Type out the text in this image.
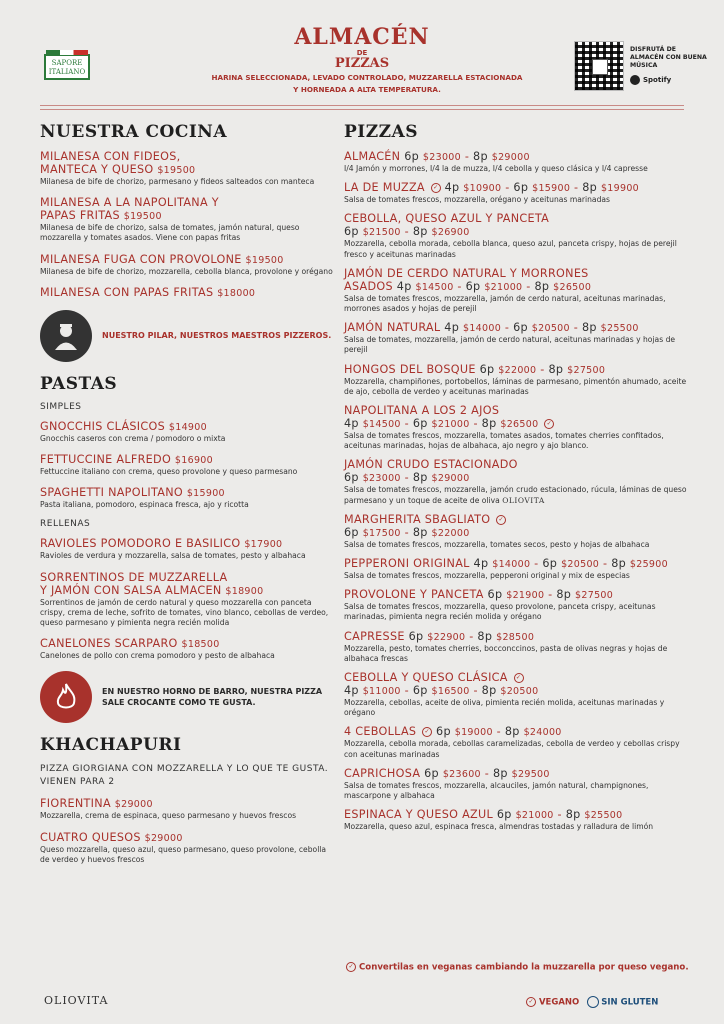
SAPORE ITALIANO
ALMACÉN
DE
PIZZAS
HARINA SELECCIONADA, LEVADO CONTROLADO, MUZZARELLA ESTACIONADA
Y HORNEADA A ALTA TEMPERATURA.
DISFRUTÁ DE ALMACÉN CON BUENA MÚSICA
Spotify
NUESTRA COCINA
MILANESA CON FIDEOS,
MANTECA Y QUESO $19500
Milanesa de bife de chorizo, parmesano y fideos salteados con manteca
MILANESA A LA NAPOLITANA Y
PAPAS FRITAS $19500
Milanesa de bife de chorizo, salsa de tomates, jamón natural, queso mozzarella y tomates asados. Viene con papas fritas
MILANESA FUGA CON PROVOLONE $19500
Milanesa de bife de chorizo, mozzarella, cebolla blanca, provolone y orégano
MILANESA CON PAPAS FRITAS $18000
NUESTRO PILAR, NUESTROS MAESTROS PIZZEROS.
PASTAS
SIMPLES
GNOCCHIS CLÁSICOS $14900
Gnocchis caseros con crema / pomodoro o mixta
FETTUCCINE ALFREDO $16900
Fettuccine italiano con crema, queso provolone y queso parmesano
SPAGHETTI NAPOLITANO $15900
Pasta italiana, pomodoro, espinaca fresca, ajo y ricotta
RELLENAS
RAVIOLES POMODORO E BASILICO $17900
Ravioles de verdura y mozzarella, salsa de tomates, pesto y albahaca
SORRENTINOS DE MUZZARELLA
Y JAMÓN CON SALSA ALMACEN $18900
Sorrentinos de jamón de cerdo natural y queso mozzarella con panceta crispy, crema de leche, sofrito de tomates, vino blanco, cebollas de verdeo, queso parmesano y pimienta negra recién molida
CANELONES SCARPARO $18500
Canelones de pollo con crema pomodoro y pesto de albahaca
EN NUESTRO HORNO DE BARRO, NUESTRA PIZZA SALE CROCANTE COMO TE GUSTA.
KHACHAPURI
PIZZA GIORGIANA CON MOZZARELLA Y LO QUE TE GUSTA. VIENEN PARA 2
FIORENTINA $29000
Mozzarella, crema de espinaca, queso parmesano y huevos frescos
CUATRO QUESOS $29000
Queso mozzarella, queso azul, queso parmesano, queso provolone, cebolla de verdeo y huevos frescos
PIZZAS
ALMACÉN 6p $23000 - 8p $29000
I/4 Jamón y morrones, I/4 la de muzza, I/4 cebolla y queso clásica y I/4 capresse
LA DE MUZZA ✓ 4p $10900 - 6p $15900 - 8p $19900
Salsa de tomates frescos, mozzarella, orégano y aceitunas marinadas
CEBOLLA, QUESO AZUL Y PANCETA
6p $21500 - 8p $26900
Mozzarella, cebolla morada, cebolla blanca, queso azul, panceta crispy, hojas de perejil fresco y aceitunas marinadas
JAMÓN DE CERDO NATURAL Y MORRONES
ASADOS 4p $14500 - 6p $21000 - 8p $26500
Salsa de tomates frescos, mozzarella, jamón de cerdo natural, aceitunas marinadas, morrones asados y hojas de perejil
JAMÓN NATURAL 4p $14000 - 6p $20500 - 8p $25500
Salsa de tomates, mozzarella, jamón de cerdo natural, aceitunas marinadas y hojas de perejil
HONGOS DEL BOSQUE 6p $22000 - 8p $27500
Mozzarella, champiñones, portobellos, láminas de parmesano, pimentón ahumado, aceite de ajo, cebolla de verdeo y aceitunas marinadas
NAPOLITANA A LOS 2 AJOS
4p $14500 - 6p $21000 - 8p $26500 ✓
Salsa de tomates frescos, mozzarella, tomates asados, tomates cherries confitados, aceitunas marinadas, hojas de albahaca, ajo negro y ajo blanco.
JAMÓN CRUDO ESTACIONADO
6p $23000 - 8p $29000
Salsa de tomates frescos, mozzarella, jamón crudo estacionado, rúcula, láminas de queso parmesano y un toque de aceite de oliva OLIOVITA
MARGHERITA SBAGLIATO ✓
6p $17500 - 8p $22000
Salsa de tomates frescos, mozzarella, tomates secos, pesto y hojas de albahaca
PEPPERONI ORIGINAL 4p $14000 - 6p $20500 - 8p $25900
Salsa de tomates frescos, mozzarella, pepperoni original y mix de especias
PROVOLONE Y PANCETA 6p $21900 - 8p $27500
Salsa de tomates frescos, mozzarella, queso provolone, panceta crispy, aceitunas marinadas, pimienta negra recién molida y orégano
CAPRESSE 6p $22900 - 8p $28500
Mozzarella, pesto, tomates cherries, bocconccinos, pasta de olivas negras y hojas de albahaca frescas
CEBOLLA Y QUESO CLÁSICA ✓
4p $11000 - 6p $16500 - 8p $20500
Mozzarella, cebollas, aceite de oliva, pimienta recién molida, aceitunas marinadas y orégano
4 CEBOLLAS ✓ 6p $19000 - 8p $24000
Mozzarella, cebolla morada, cebollas caramelizadas, cebolla de verdeo y cebollas crispy con aceitunas marinadas
CAPRICHOSA 6p $23600 - 8p $29500
Salsa de tomates frescos, mozzarella, alcauciles, jamón natural, champignones, mascarpone y albahaca
ESPINACA Y QUESO AZUL 6p $21000 - 8p $25500
Mozzarella, queso azul, espinaca fresca, almendras tostadas y ralladura de limón
✓ Convertilas en veganas cambiando la muzzarella por queso vegano.
OLIOVITA	✓ VEGANO	SIN GLUTEN
